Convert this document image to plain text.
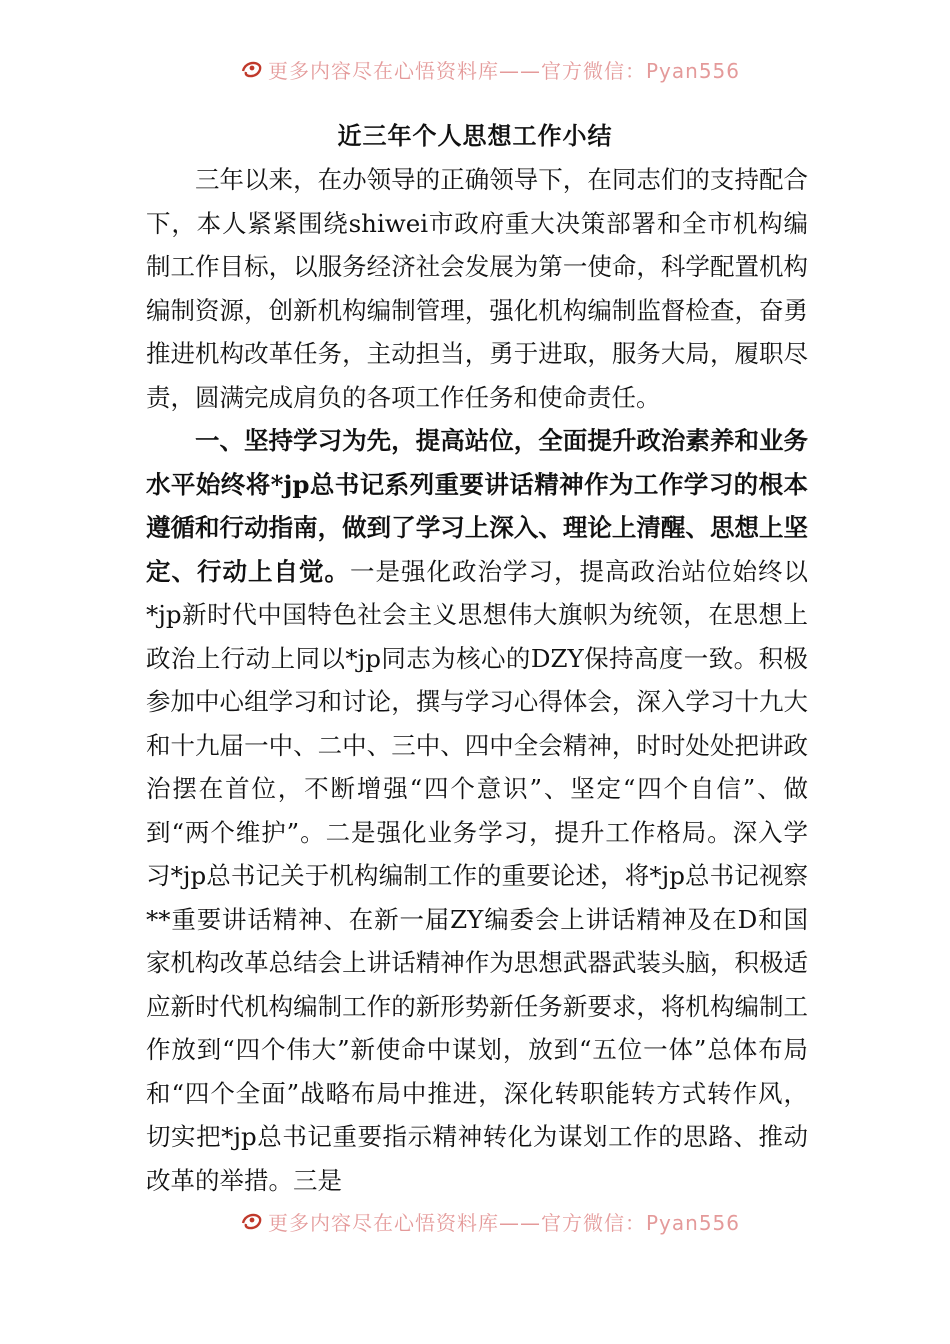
更多内容尽在心悟资料库——官方微信：Pyan556
近三年个人思想工作小结

三年以来，在办领导的正确领导下，在同志们的支持配合下，本人紧紧围绕shiwei市政府重大决策部署和全市机构编制工作目标，以服务经济社会发展为第一使命，科学配置机构编制资源，创新机构编制管理，强化机构编制监督检查，奋勇推进机构改革任务，主动担当，勇于进取，服务大局，履职尽责，圆满完成肩负的各项工作任务和使命责任。

一、坚持学习为先，提高站位，全面提升政治素养和业务水平始终将*jp总书记系列重要讲话精神作为工作学习的根本遵循和行动指南，做到了学习上深入、理论上清醒、思想上坚定、行动上自觉。一是强化政治学习，提高政治站位始终以*jp新时代中国特色社会主义思想伟大旗帜为统领，在思想上政治上行动上同以*jp同志为核心的DZY保持高度一致。积极参加中心组学习和讨论，撰与学习心得体会，深入学习十九大和十九届一中、二中、三中、四中全会精神，时时处处把讲政治摆在首位，不断增强“四个意识”、坚定“四个自信”、做到“两个维护”。二是强化业务学习，提升工作格局。深入学习*jp总书记关于机构编制工作的重要论述，将*jp总书记视察**重要讲话精神、在新一届ZY编委会上讲话精神及在D和国家机构改革总结会上讲话精神作为思想武器武装头脑，积极适应新时代机构编制工作的新形势新任务新要求，将机构编制工作放到“四个伟大”新使命中谋划，放到“五位一体”总体布局和“四个全面”战略布局中推进，深化转职能转方式转作风，切实把*jp总书记重要指示精神转化为谋划工作的思路、推动改革的举措。三是

更多内容尽在心悟资料库——官方微信：Pyan556
